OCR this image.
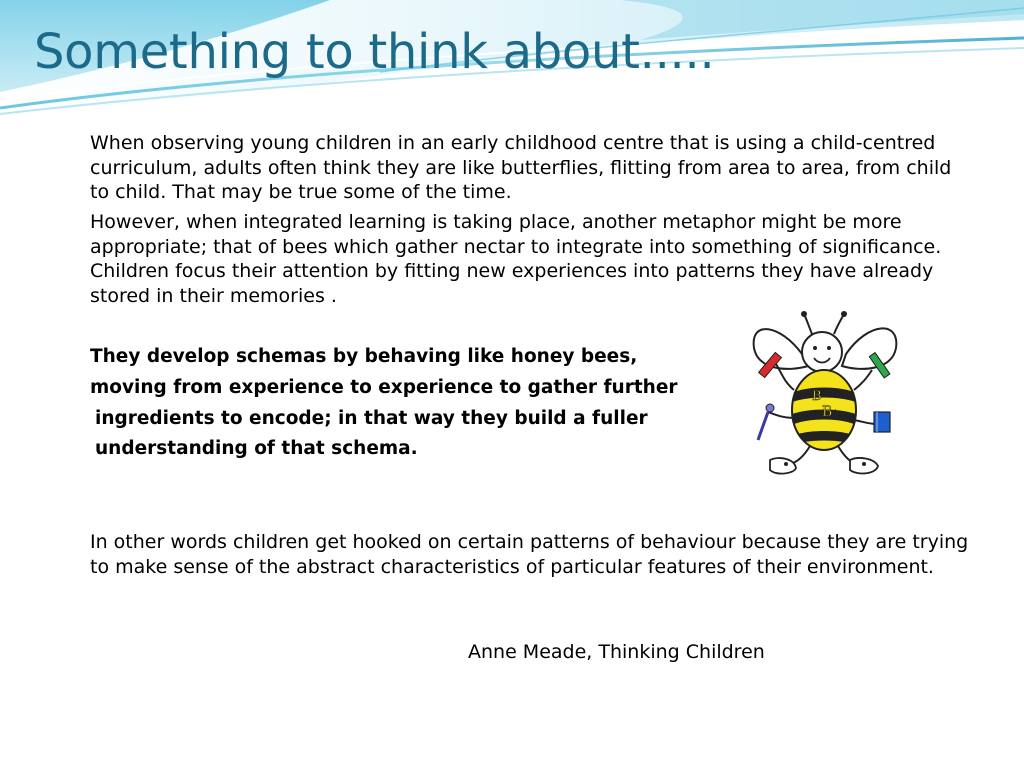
Something to think about.....

When observing young children in an early childhood centre that is using a child-centred curriculum, adults often think they are like butterflies, flitting from area to area, from child to child. That may be true some of the time.

However, when integrated learning is taking place, another metaphor might be more appropriate; that of bees which gather nectar to integrate into something of significance. Children focus their attention by fitting new experiences into patterns they have already stored in their memories .

They develop schemas by behaving like honey bees,

moving from experience to experience to gather further

ingredients to encode; in that way they build a fuller

understanding of that schema.

In other words children get hooked on certain patterns of behaviour because they are trying to make sense of the abstract characteristics of particular features of their environment.

Anne Meade, Thinking Children

B
B 's
